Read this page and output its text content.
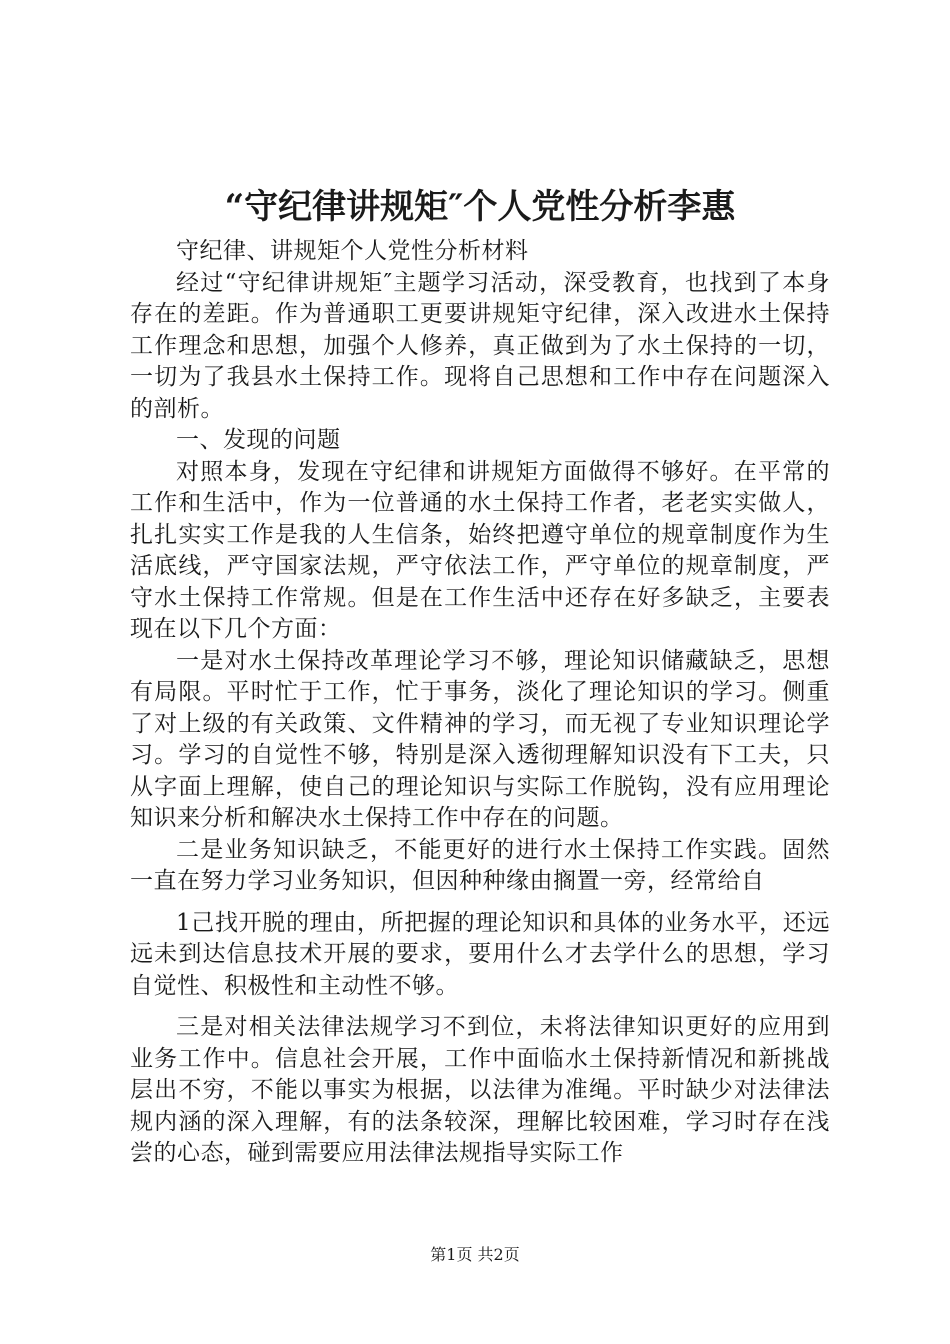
“守纪律讲规矩″个人党性分析李惠

守纪律、讲规矩个人党性分析材料

经过“守纪律讲规矩″主题学习活动，深受教育，也找到了本身存在的差距。作为普通职工更要讲规矩守纪律，深入改进水土保持工作理念和思想，加强个人修养，真正做到为了水土保持的一切，一切为了我县水土保持工作。现将自己思想和工作中存在问题深入的剖析。

一、发现的问题

对照本身，发现在守纪律和讲规矩方面做得不够好。在平常的工作和生活中，作为一位普通的水土保持工作者，老老实实做人，扎扎实实工作是我的人生信条，始终把遵守单位的规章制度作为生活底线，严守国家法规，严守依法工作，严守单位的规章制度，严守水土保持工作常规。但是在工作生活中还存在好多缺乏，主要表现在以下几个方面：

一是对水土保持改革理论学习不够，理论知识储藏缺乏，思想有局限。平时忙于工作，忙于事务，淡化了理论知识的学习。侧重了对上级的有关政策、文件精神的学习，而无视了专业知识理论学习。学习的自觉性不够，特别是深入透彻理解知识没有下工夫，只从字面上理解，使自己的理论知识与实际工作脱钩，没有应用理论知识来分析和解决水土保持工作中存在的问题。

二是业务知识缺乏，不能更好的进行水土保持工作实践。固然一直在努力学习业务知识，但因种种缘由搁置一旁，经常给自

1己找开脱的理由，所把握的理论知识和具体的业务水平，还远远未到达信息技术开展的要求，要用什么才去学什么的思想，学习自觉性、积极性和主动性不够。

三是对相关法律法规学习不到位，未将法律知识更好的应用到业务工作中。信息社会开展，工作中面临水土保持新情况和新挑战层出不穷，不能以事实为根据，以法律为准绳。平时缺少对法律法规内涵的深入理解，有的法条较深，理解比较困难，学习时存在浅尝的心态，碰到需要应用法律法规指导实际工作

第1页 共2页
